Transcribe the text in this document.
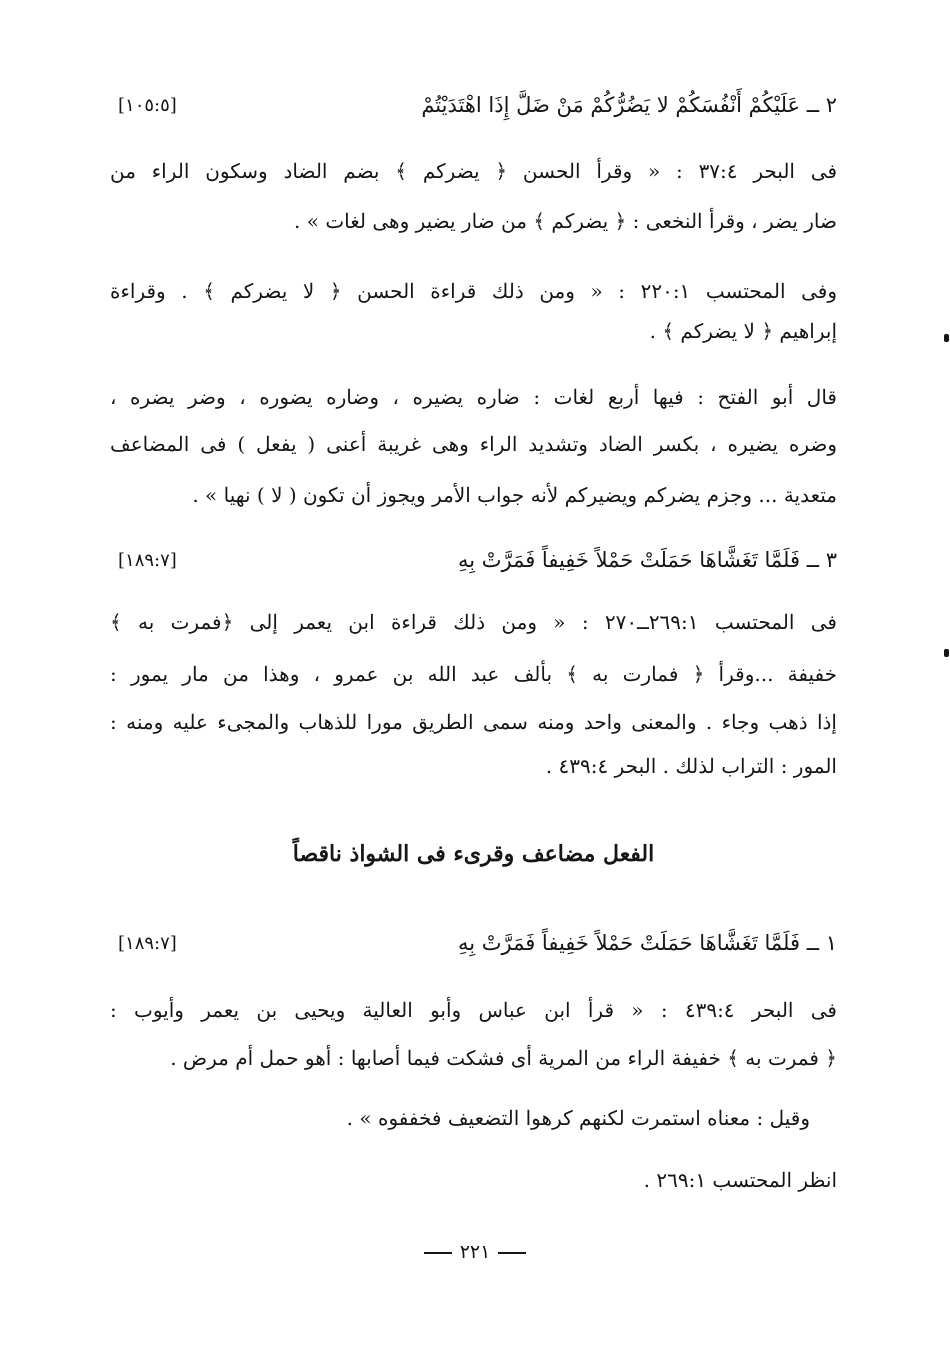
٢ ــ عَلَيْكُمْ أَنْفُسَكُمْ لا يَضُرُّكُمْ مَنْ ضَلَّ إِذَا اهْتَدَيْتُمْ
[١٠٥:٥]
فى البحر ٣٧:٤ : « وقرأ الحسن ﴿ يضركم ﴾ بضم الضاد وسكون الراء من
ضار يضر ، وقرأ النخعى : ﴿ يضركم ﴾ من ضار يضير وهى لغات » .
وفى المحتسب ٢٢٠:١ : « ومن ذلك قراءة الحسن ﴿ لا يضركم ﴾ . وقراءة
إبراهيم ﴿ لا يضركم ﴾ .
قال أبو الفتح : فيها أربع لغات : ضاره يضيره ، وضاره يضوره ، وضر يضره ،
وضره يضيره ، بكسر الضاد وتشديد الراء وهى غريبة أعنى ( يفعل ) فى المضاعف
متعدية ... وجزم يضركم ويضيركم لأنه جواب الأمر ويجوز أن تكون ( لا ) نهيا » .
٣ ــ فَلَمَّا تَغَشَّاهَا حَمَلَتْ حَمْلاً خَفِيفاً فَمَرَّتْ بِهِ
[١٨٩:٧]
فى المحتسب ٢٦٩:١ــ٢٧٠ : « ومن ذلك قراءة ابن يعمر إلى ﴿فمرت به ﴾
خفيفة ...وقرأ ﴿ فمارت به ﴾ بألف عبد الله بن عمرو ، وهذا من مار يمور :
إذا ذهب وجاء . والمعنى واحد ومنه سمى الطريق مورا للذهاب والمجىء عليه ومنه :
المور : التراب لذلك . البحر ٤٣٩:٤ .
الفعل مضاعف وقرىء فى الشواذ ناقصاً
١ ــ فَلَمَّا تَغَشَّاهَا حَمَلَتْ حَمْلاً خَفِيفاً فَمَرَّتْ بِهِ
[١٨٩:٧]
فى البحر ٤٣٩:٤ : « قرأ ابن عباس وأبو العالية ويحيى بن يعمر وأيوب :
﴿ فمرت به ﴾ خفيفة الراء من المرية أى فشكت فيما أصابها : أهو حمل أم مرض .
وقيل : معناه استمرت لكنهم كرهوا التضعيف فخففوه » .
انظر المحتسب ٢٦٩:١ .
٢٢١
